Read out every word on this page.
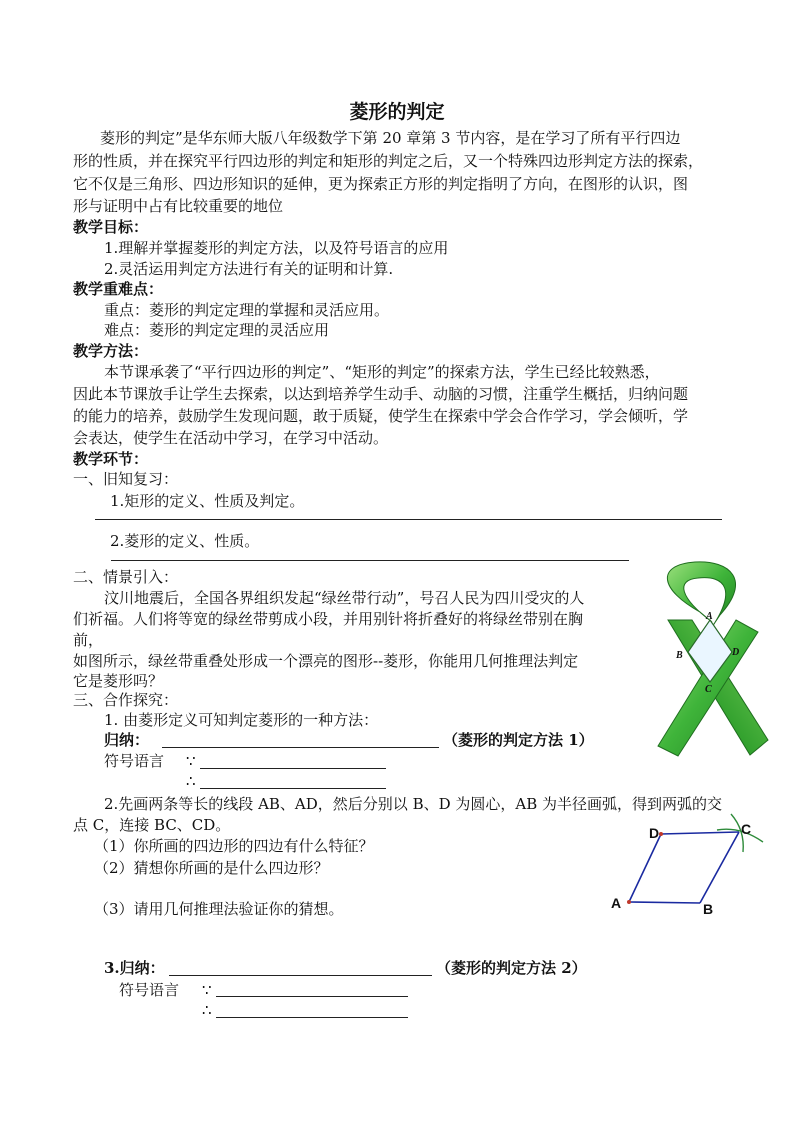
菱形的判定
菱形的判定”是华东师大版八年级数学下第 20 章第 3 节内容，是在学习了所有平行四边
形的性质，并在探究平行四边形的判定和矩形的判定之后，又一个特殊四边形判定方法的探索，
它不仅是三角形、四边形知识的延伸，更为探索正方形的判定指明了方向，在图形的认识，图
形与证明中占有比较重要的地位
教学目标：
1.理解并掌握菱形的判定方法，以及符号语言的应用
2.灵活运用判定方法进行有关的证明和计算.
教学重难点：
重点：菱形的判定定理的掌握和灵活应用。
难点：菱形的判定定理的灵活应用
教学方法：
本节课承袭了“平行四边形的判定”、“矩形的判定”的探索方法，学生已经比较熟悉，
因此本节课放手让学生去探索，以达到培养学生动手、动脑的习惯，注重学生概括，归纳问题
的能力的培养，鼓励学生发现问题，敢于质疑，使学生在探索中学会合作学习，学会倾听，学
会表达，使学生在活动中学习，在学习中活动。
教学环节：
一、旧知复习：
1.矩形的定义、性质及判定。
2.菱形的定义、性质。
二、情景引入：
汶川地震后，全国各界组织发起“绿丝带行动”，号召人民为四川受灾的人
们祈福。人们将等宽的绿丝带剪成小段，并用别针将折叠好的将绿丝带别在胸
前，
如图所示，绿丝带重叠处形成一个漂亮的图形--菱形，你能用几何推理法判定
它是菱形吗？
A
B
C
D
三、合作探究：
1. 由菱形定义可知判定菱形的一种方法：
归纳：	（菱形的判定方法 1）
符号语言 ∵
∴
2.先画两条等长的线段 AB、AD，然后分别以 B、D 为圆心，AB 为半径画弧，得到两弧的交
点 C，连接 BC、CD。
（1）你所画的四边形的四边有什么特征？
（2）猜想你所画的是什么四边形？
（3）请用几何推理法验证你的猜想。	A	B
C
D
3.归纳：	（菱形的判定方法 2）
符号语言 ∵
∴
